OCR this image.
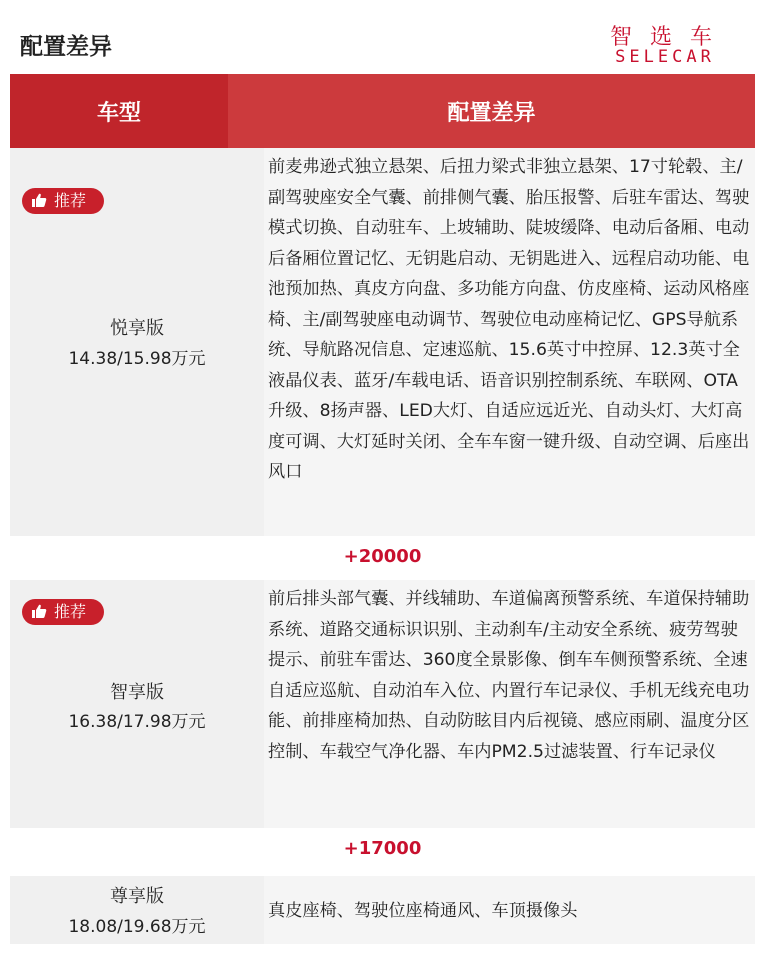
配置差异	智选车
SELECAR
车型	配置差异
推荐
悦享版
14.38/15.98万元
前麦弗逊式独立悬架、后扭力梁式非独立悬架、17寸轮毂、主/副驾驶座安全气囊、前排侧气囊、胎压报警、后驻车雷达、驾驶模式切换、自动驻车、上坡辅助、陡坡缓降、电动后备厢、电动后备厢位置记忆、无钥匙启动、无钥匙进入、远程启动功能、电池预加热、真皮方向盘、多功能方向盘、仿皮座椅、运动风格座椅、主/副驾驶座电动调节、驾驶位电动座椅记忆、GPS导航系统、导航路况信息、定速巡航、15.6英寸中控屏、12.3英寸全液晶仪表、蓝牙/车载电话、语音识别控制系统、车联网、OTA升级、8扬声器、LED大灯、自适应远近光、自动头灯、大灯高度可调、大灯延时关闭、全车车窗一键升级、自动空调、后座出风口
+20000
推荐
智享版
16.38/17.98万元
前后排头部气囊、并线辅助、车道偏离预警系统、车道保持辅助系统、道路交通标识识别、主动刹车/主动安全系统、疲劳驾驶提示、前驻车雷达、360度全景影像、倒车车侧预警系统、全速自适应巡航、自动泊车入位、内置行车记录仪、手机无线充电功能、前排座椅加热、自动防眩目内后视镜、感应雨刷、温度分区控制、车载空气净化器、车内PM2.5过滤装置、行车记录仪
+17000
尊享版
18.08/19.68万元
真皮座椅、驾驶位座椅通风、车顶摄像头
